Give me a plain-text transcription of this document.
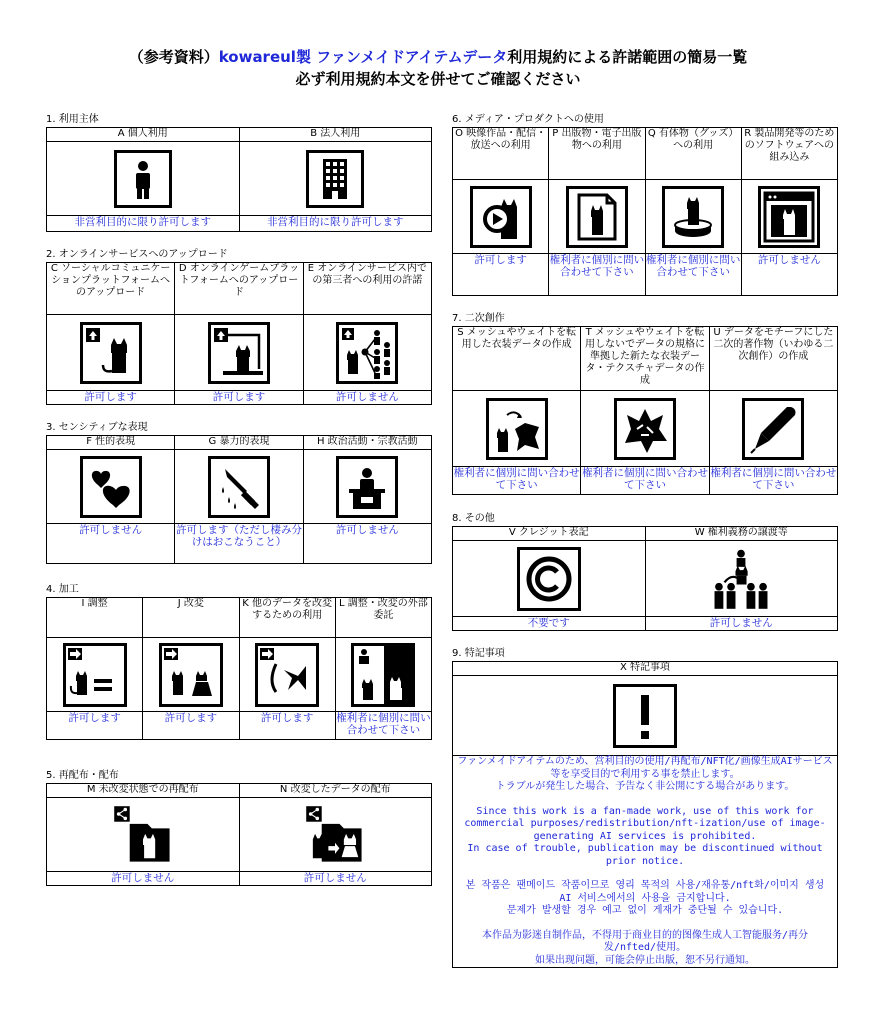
（参考資料）kowareul製 ファンメイドアイテムデータ利用規約による許諾範囲の簡易一覧
必ず利用規約本文を併せてご確認ください
1. 利用主体
A 個人利用	B 法人利用

非営利目的に限り許可します	非営利目的に限り許可します
2. オンラインサービスへのアップロード
C ソーシャルコミュニケーションプラットフォームへのアップロード	D オンラインゲームプラットフォームへのアップロード	E オンラインサービス内での第三者への利用の許諾

許可します	許可します	許可しません
3. センシティブな表現
F 性的表現	G 暴力的表現	H 政治活動・宗教活動

許可しません	許可します（ただし棲み分けはおこなうこと）	許可しません
4. 加工
I 調整	J 改変	K 他のデータを改変するための利用	L 調整・改変の外部委託

許可します	許可します	許可します	権利者に個別に問い合わせて下さい
5. 再配布・配布
M 未改変状態での再配布	N 改変したデータの配布

許可しません	許可しません
6. メディア・プロダクトへの使用
O 映像作品・配信・放送への利用	P 出版物・電子出版物への利用	Q 有体物（グッズ）への利用	R 製品開発等のためのソフトウェアへの組み込み

許可します	権利者に個別に問い合わせて下さい	権利者に個別に問い合わせて下さい	許可しません
7. 二次創作
S メッシュやウェイトを転用した衣装データの作成	T メッシュやウェイトを転用しないでデータの規格に準拠した新たな衣装データ・テクスチャデータの作成	U データをモチーフにした二次的著作物（いわゆる二次創作）の作成

権利者に個別に問い合わせて下さい	権利者に個別に問い合わせて下さい	権利者に個別に問い合わせて下さい
8. その他
V クレジット表記	W 権利義務の譲渡等

不要です	許可しません
9. 特記事項
X 特記事項

ファンメイドアイテムのため、営利目的の使用/再配布/NFT化/画像生成AIサービス等を享受目的で利用する事を禁止します。

トラブルが発生した場合、予告なく非公開にする場合があります。

Since this work is a fan-made work, use of this work for commercial purposes/redistribution/nft-ization/use of image-generating AI services is prohibited.

In case of trouble, publication may be discontinued without prior notice.

본 작품은 팬메이드 작품이므로 영리 목적의 사용/재유통/nft화/이미지 생성 AI 서비스에서의 사용을 금지합니다.

문제가 발생할 경우 예고 없이 게재가 중단될 수 있습니다.

本作品为影迷自制作品，不得用于商业目的的图像生成人工智能服务/再分发/nfted/使用。

如果出现问题，可能会停止出版，恕不另行通知。
